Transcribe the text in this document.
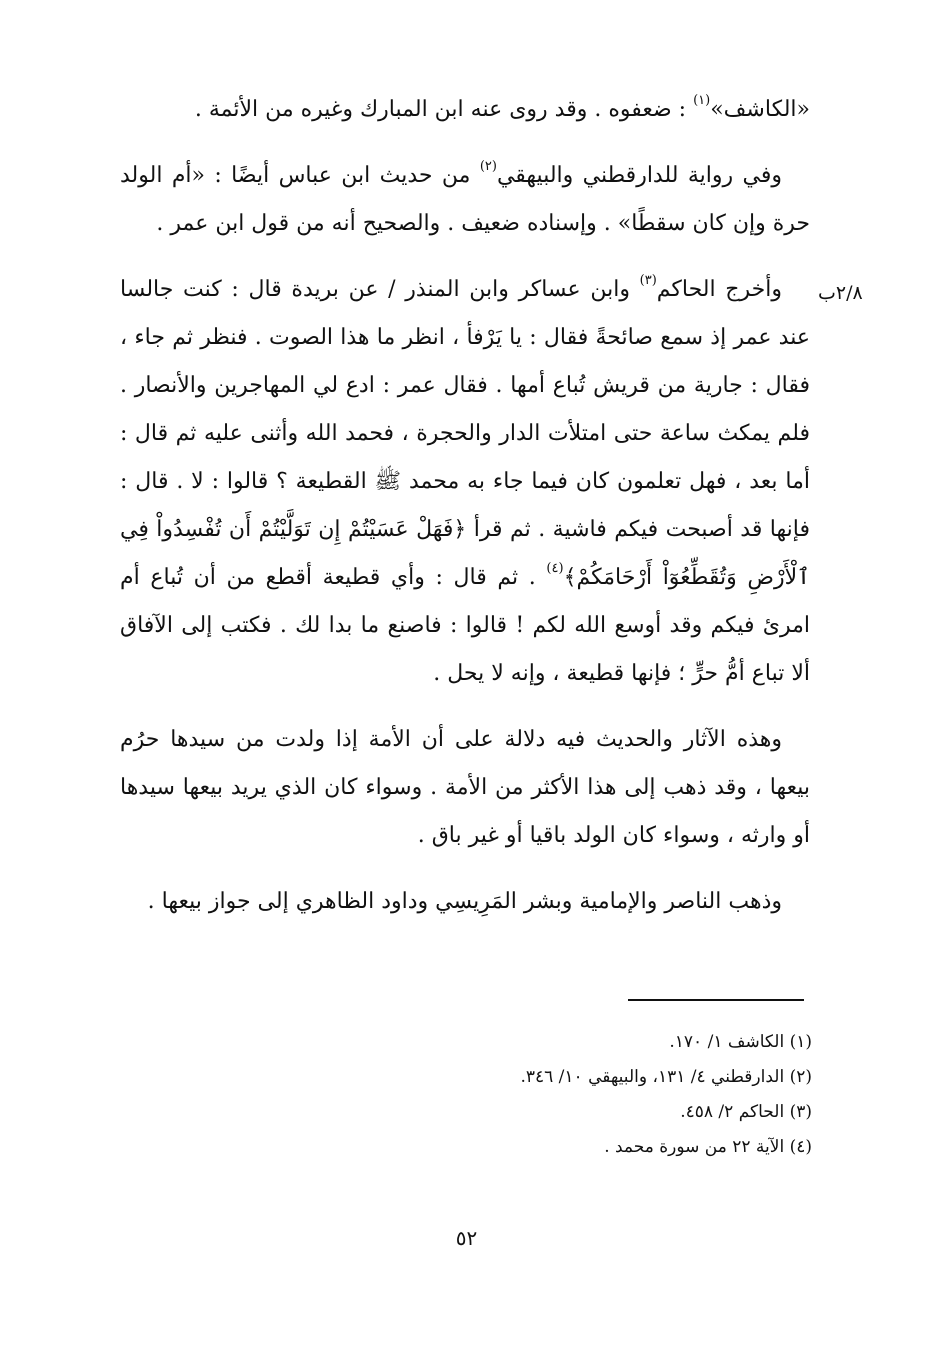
٢/٨ب

«الكاشف»$^{(١)}$ : ضعفوه . وقد روى عنه ابن المبارك وغيره من الأئمة .

وفي رواية للدارقطني والبيهقي$^{(٢)}$ من حديث ابن عباس أيضًا : «أم الولد حرة وإن كان سقطًا» . وإسناده ضعيف . والصحيح أنه من قول ابن عمر .

وأخرج الحاكم$^{(٣)}$ وابن عساكر وابن المنذر / عن بريدة قال : كنت جالسا عند عمر إذ سمع صائحةً فقال : يا يَرْفأ ، انظر ما هذا الصوت . فنظر ثم جاء ، فقال : جارية من قريش تُباع أمها . فقال عمر : ادع لي المهاجرين والأنصار . فلم يمكث ساعة حتى امتلأت الدار والحجرة ، فحمد الله وأثنى عليه ثم قال : أما بعد ، فهل تعلمون كان فيما جاء به محمد ﷺ القطيعة ؟ قالوا : لا . قال : فإنها قد أصبحت فيكم فاشية . ثم قرأ ﴿فَهَلْ عَسَيْتُمْ إِن تَوَلَّيْتُمْ أَن تُفْسِدُواْ فِي ٱلْأَرْضِ وَتُقَطِّعُوٓاْ أَرْحَامَكُمْ﴾$^{(٤)}$ . ثم قال : وأي قطيعة أقطع من أن تُباع أم امرئ فيكم وقد أوسع الله لكم ! قالوا : فاصنع ما بدا لك . فكتب إلى الآفاق ألا تباع أمُّ حرٍّ ؛ فإنها قطيعة ، وإنه لا يحل .

وهذه الآثار والحديث فيه دلالة على أن الأمة إذا ولدت من سيدها حرُم بيعها ، وقد ذهب إلى هذا الأكثر من الأمة . وسواء كان الذي يريد بيعها سيدها أو وارثه ، وسواء كان الولد باقيا أو غير باق .

وذهب الناصر والإمامية وبشر المَرِيسِي وداود الظاهري إلى جواز بيعها .

(١) الكاشف ١/ ١٧٠.

(٢) الدارقطني ٤/ ١٣١، والبيهقي ١٠/ ٣٤٦.

(٣) الحاكم ٢/ ٤٥٨.

(٤) الآية ٢٢ من سورة محمد .

٥٢
